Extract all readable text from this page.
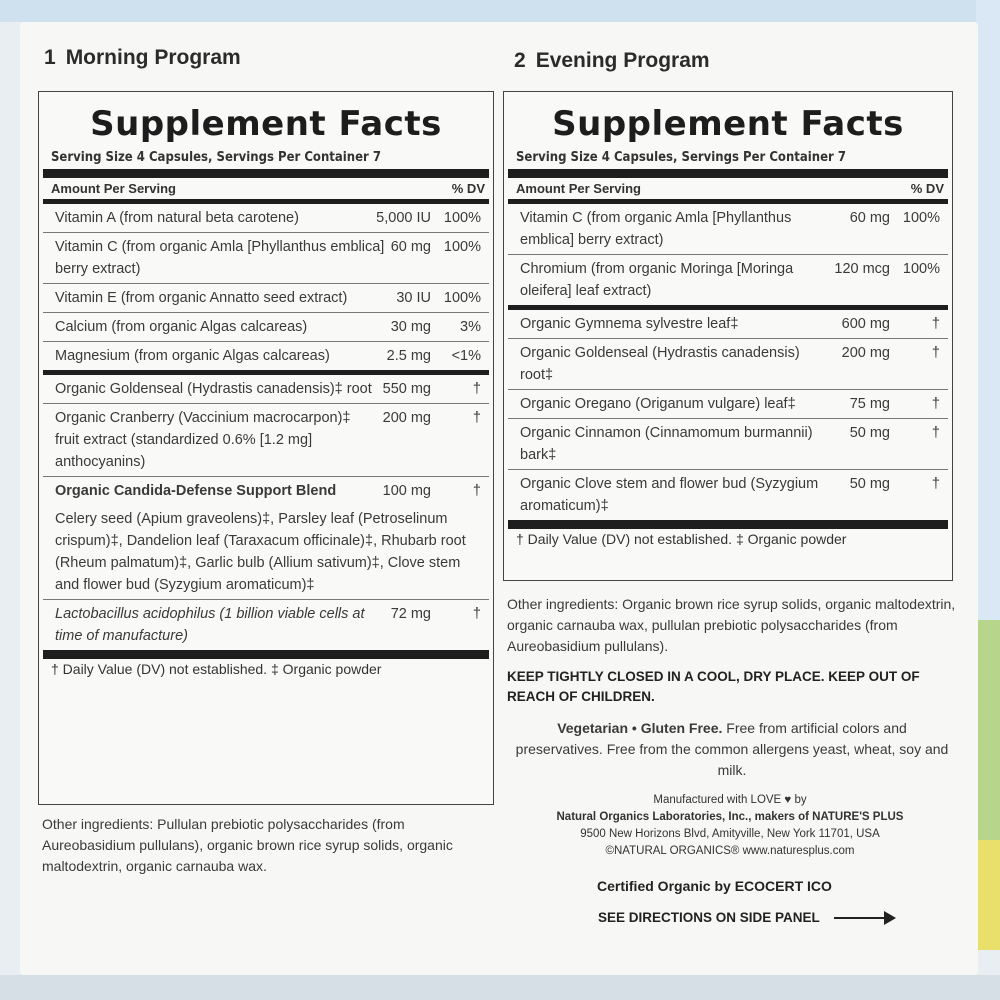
1 Morning Program
Supplement Facts
Serving Size 4 Capsules, Servings Per Container 7
Amount Per Serving	% DV
Vitamin A (from natural beta carotene)	5,000 IU 100%
Vitamin C (from organic Amla [Phyllanthus emblica] berry extract)
60 mg 100%
Vitamin E (from organic Annatto seed extract)	30 IU 100%
Calcium (from organic Algas calcareas)	30 mg	3%
Magnesium (from organic Algas calcareas)	2.5 mg	<1%
Organic Goldenseal (Hydrastis canadensis)‡ root 550 mg	†
Organic Cranberry (Vaccinium macrocarpon)‡ fruit extract (standardized 0.6% [1.2 mg] anthocyanins)
200 mg	†
Organic Candida-Defense Support Blend	100 mg	†
Celery seed (Apium graveolens)‡, Parsley leaf (Petroselinum crispum)‡, Dandelion leaf (Taraxacum officinale)‡, Rhubarb root (Rheum palmatum)‡, Garlic bulb (Allium sativum)‡, Clove stem and flower bud (Syzygium aromaticum)‡
Lactobacillus acidophilus (1 billion viable cells at time of manufacture)
72 mg	†
† Daily Value (DV) not established. ‡ Organic powder
Other ingredients: Pullulan prebiotic polysaccharides (from Aureobasidium pullulans), organic brown rice syrup solids, organic maltodextrin, organic carnauba wax.
2 Evening Program
Supplement Facts
Serving Size 4 Capsules, Servings Per Container 7
Amount Per Serving	% DV
Vitamin C (from organic Amla [Phyllanthus emblica] berry extract)
60 mg 100%
Chromium (from organic Moringa [Moringa oleifera] leaf extract)
120 mcg 100%
Organic Gymnema sylvestre leaf‡	600 mg	†
Organic Goldenseal (Hydrastis canadensis) root‡
200 mg	†
Organic Oregano (Origanum vulgare) leaf‡	75 mg	†
Organic Cinnamon (Cinnamomum burmannii) bark‡
50 mg	†
Organic Clove stem and flower bud (Syzygium aromaticum)‡
50 mg	†
† Daily Value (DV) not established. ‡ Organic powder
Other ingredients: Organic brown rice syrup solids, organic maltodextrin, organic carnauba wax, pullulan prebiotic polysaccharides (from Aureobasidium pullulans).
KEEP TIGHTLY CLOSED IN A COOL, DRY PLACE. KEEP OUT OF REACH OF CHILDREN.
Vegetarian • Gluten Free. Free from artificial colors and preservatives. Free from the common allergens yeast, wheat, soy and milk.
Manufactured with LOVE ♥ by
Natural Organics Laboratories, Inc., makers of NATURE'S PLUS
9500 New Horizons Blvd, Amityville, New York 11701, USA
©NATURAL ORGANICS® www.naturesplus.com
Certified Organic by ECOCERT ICO
SEE DIRECTIONS ON SIDE PANEL
